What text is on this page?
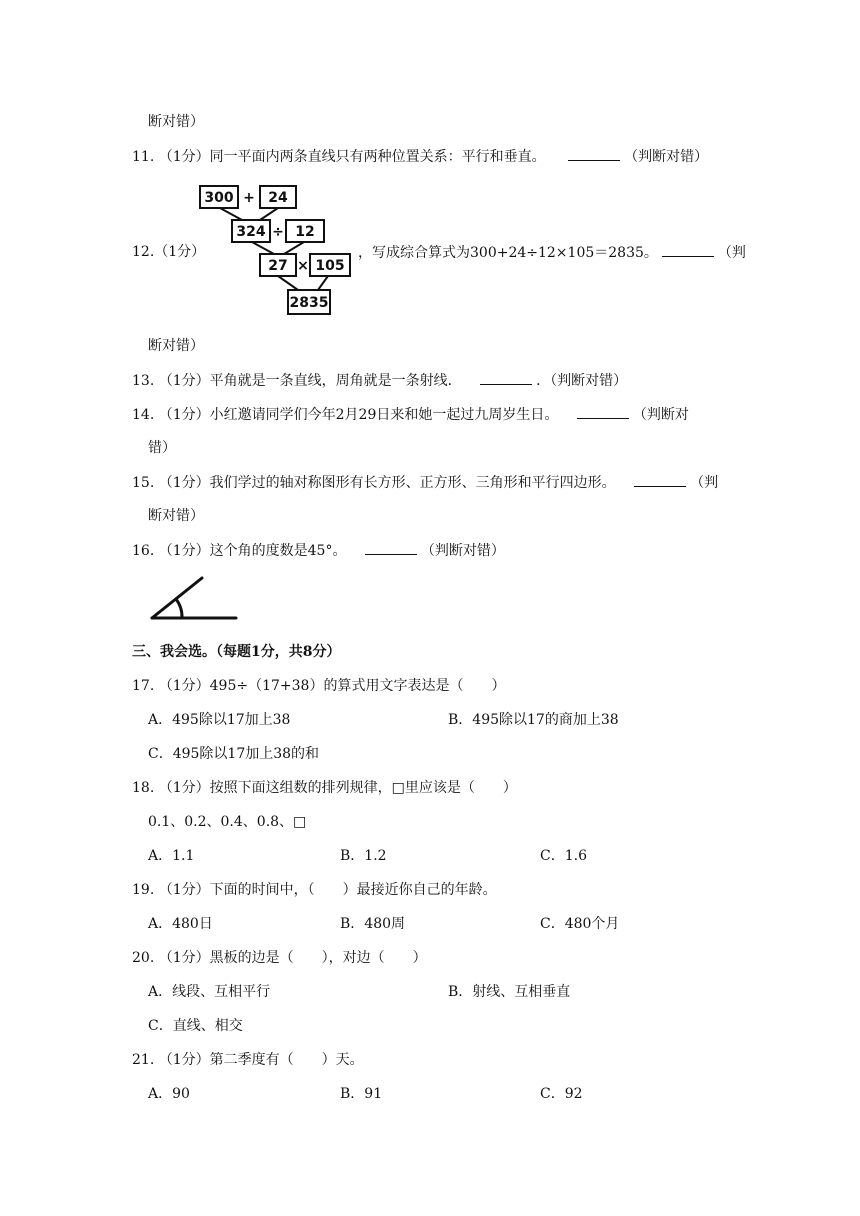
断对错）
11. （1分）同一平面内两条直线只有两种位置关系：平行和垂直。	（判断对错）
12.（1分）
300 + 24
324 ÷ 12
27 × 105
2835
，写成综合算式为300+24÷12×105＝2835。	（判
断对错）
13. （1分）平角就是一条直线，周角就是一条射线．	．（判断对错）
14. （1分）小红邀请同学们今年2月29日来和她一起过九周岁生日。	（判断对
错）
15. （1分）我们学过的轴对称图形有长方形、正方形、三角形和平行四边形。	（判
断对错）
16. （1分）这个角的度数是45°。	（判断对错）
三、我会选。（每题1分，共8分）
17. （1分）495÷（17+38）的算式用文字表达是（　　）
A．495除以17加上38	B．495除以17的商加上38
C．495除以17加上38的和
18. （1分）按照下面这组数的排列规律，□里应该是（　　）
0.1、0.2、0.4、0.8、□
A．1.1	B．1.2	C．1.6
19. （1分）下面的时间中，（　　）最接近你自己的年龄。
A．480日	B．480周	C．480个月
20. （1分）黑板的边是（　　），对边（　　）
A．线段、互相平行	B．射线、互相垂直
C．直线、相交
21. （1分）第二季度有（　　）天。
A．90	B．91	C．92
